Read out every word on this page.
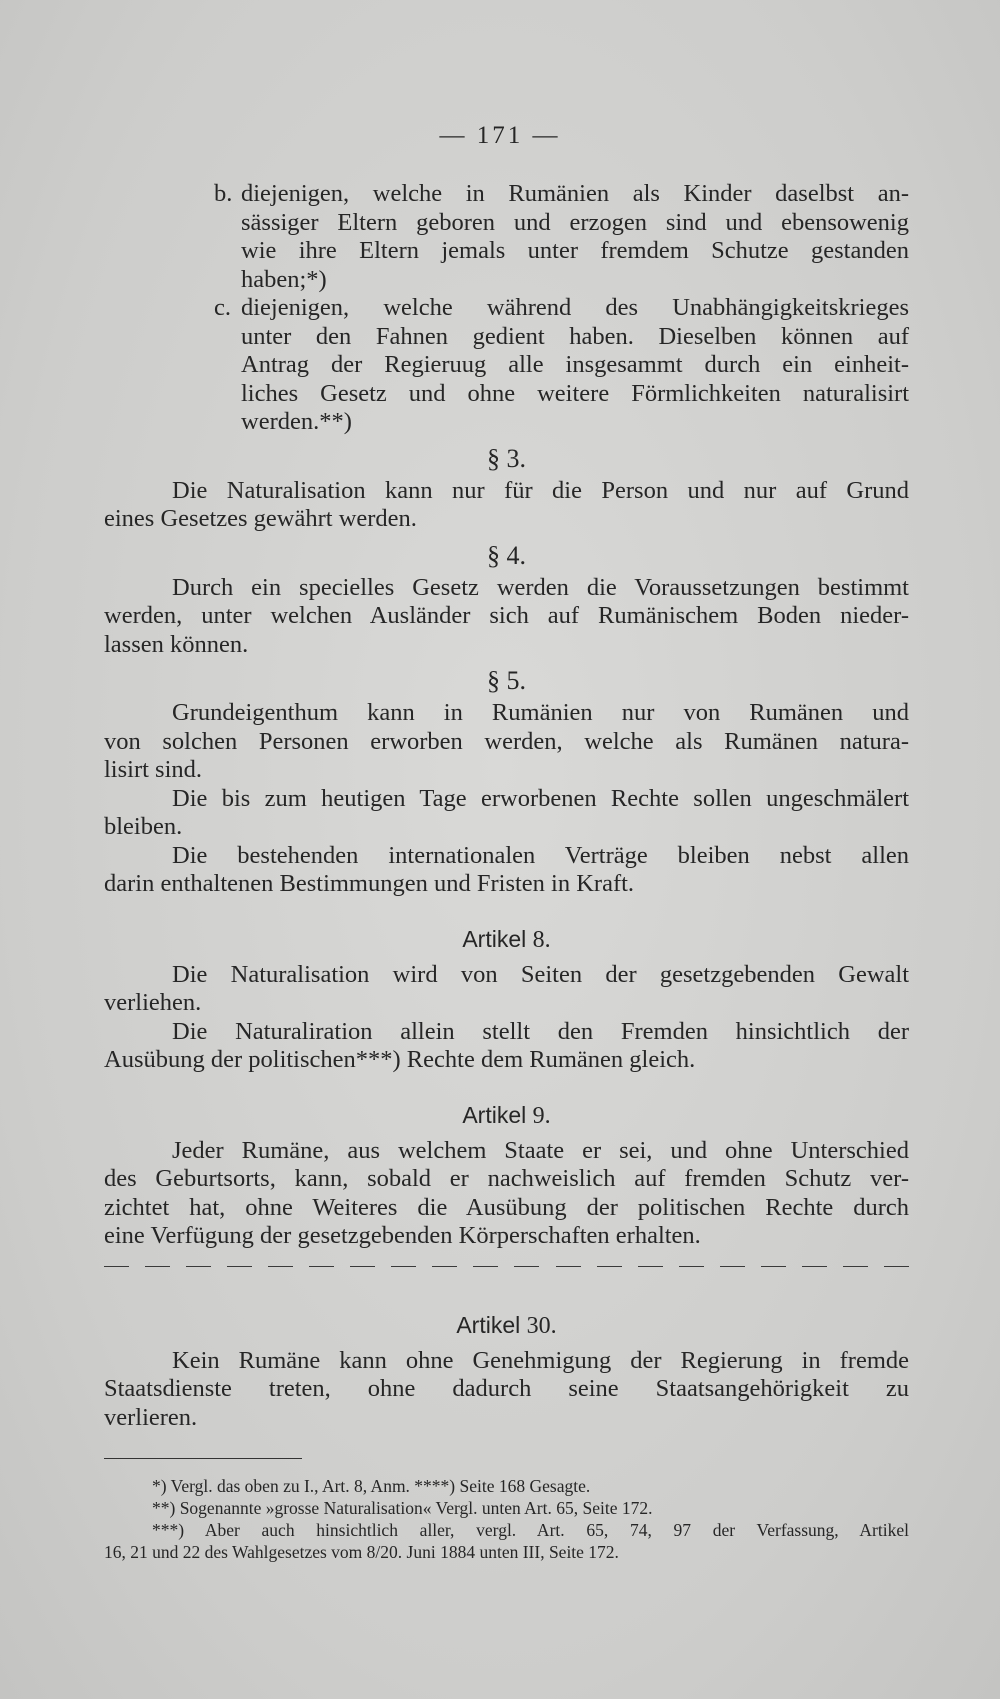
— 171 —
b. diejenigen, welche in Rumänien als Kinder daselbst an-
sässiger Eltern geboren und erzogen sind und ebensowenig
wie ihre Eltern jemals unter fremdem Schutze gestanden
haben;*)
c. diejenigen, welche während des Unabhängigkeitskrieges
unter den Fahnen gedient haben. Dieselben können auf
Antrag der Regieruug alle insgesammt durch ein einheit-
liches Gesetz und ohne weitere Förmlichkeiten naturalisirt
werden.**)
§ 3.
Die Naturalisation kann nur für die Person und nur auf Grund
eines Gesetzes gewährt werden.
§ 4.
Durch ein specielles Gesetz werden die Voraussetzungen bestimmt
werden, unter welchen Ausländer sich auf Rumänischem Boden nieder-
lassen können.
§ 5.
Grundeigenthum kann in Rumänien nur von Rumänen und
von solchen Personen erworben werden, welche als Rumänen natura-
lisirt sind.
Die bis zum heutigen Tage erworbenen Rechte sollen ungeschmälert
bleiben.
Die bestehenden internationalen Verträge bleiben nebst allen
darin enthaltenen Bestimmungen und Fristen in Kraft.
Artikel 8.
Die Naturalisation wird von Seiten der gesetzgebenden Gewalt
verliehen.
Die Naturaliration allein stellt den Fremden hinsichtlich der
Ausübung der politischen***) Rechte dem Rumänen gleich.
Artikel 9.
Jeder Rumäne, aus welchem Staate er sei, und ohne Unterschied
des Geburtsorts, kann, sobald er nachweislich auf fremden Schutz ver-
zichtet hat, ohne Weiteres die Ausübung der politischen Rechte durch
eine Verfügung der gesetzgebenden Körperschaften erhalten.
Artikel 30.
Kein Rumäne kann ohne Genehmigung der Regierung in fremde
Staatsdienste treten, ohne dadurch seine Staatsangehörigkeit zu
verlieren.
*) Vergl. das oben zu I., Art. 8, Anm. ****) Seite 168 Gesagte.
**) Sogenannte »grosse Naturalisation« Vergl. unten Art. 65, Seite 172.
***) Aber auch hinsichtlich aller, vergl. Art. 65, 74, 97 der Verfassung, Artikel
16, 21 und 22 des Wahlgesetzes vom 8/20. Juni 1884 unten III, Seite 172.
